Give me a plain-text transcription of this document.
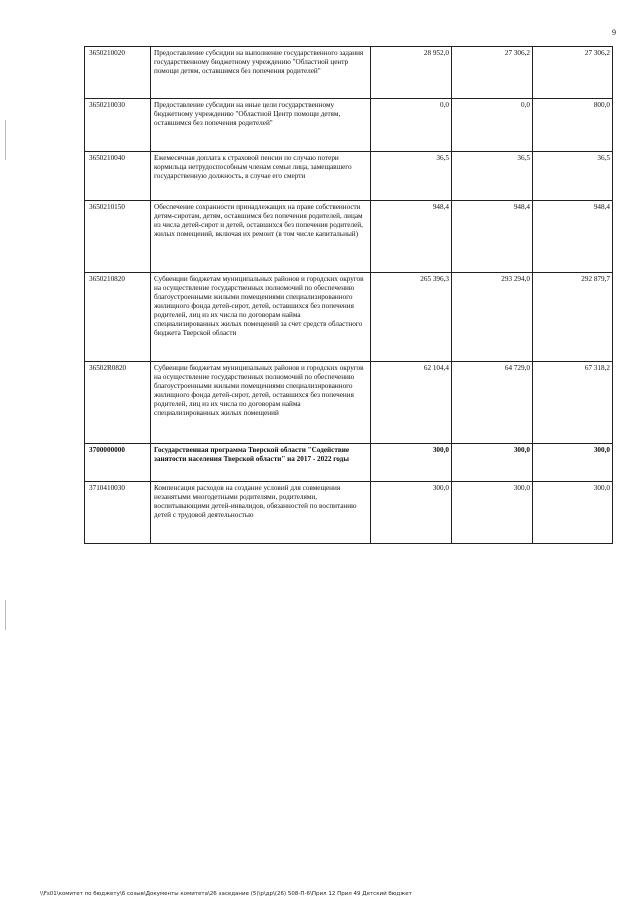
9
3650210020	Предоставление субсидии на выполнение государственного задания государственному бюджетному учреждению "Областной центр помощи детям, оставшимся без попечения родителей"	28 952,0	27 306,2	27 306,2
3650210030	Предоставление субсидии на иные цели государственному бюджетному учреждению "Областной Центр помощи детям, оставшимся без попечения родителей"	0,0	0,0	800,0
3650210040	Ежемесячная доплата к страховой пенсии по случаю потери кормильца нетрудоспособным членам семьи лица, замещавшего государственную должность, в случае его смерти	36,5	36,5	36,5
3650210150	Обеспечение сохранности принадлежащих на праве собственности детям-сиротам, детям, оставшимся без попечения родителей, лицам из числа детей-сирот и детей, оставшихся без попечения родителей, жилых помещений, включая их ремонт (в том числе капитальный)	948,4	948,4	948,4
3650210820	Субвенции бюджетам муниципальных районов и городских округов на осуществление государственных полномочий по обеспечению благоустроенными жилыми помещениями специализированного жилищного фонда детей-сирот, детей, оставшихся без попечения родителей, лиц из их числа по договорам найма специализированных жилых помещений за счет средств областного бюджета Тверской области	265 396,3	293 294,0	292 879,7
36502R0820	Субвенции бюджетам муниципальных районов и городских округов на осуществление государственных полномочий по обеспечению благоустроенными жилыми помещениями специализированного жилищного фонда детей-сирот, детей, оставшихся без попечения родителей, лиц из их числа по договорам найма специализированных жилых помещений	62 104,4	64 729,0	67 318,2
3700000000	Государственная программа Тверской области "Содействие занятости населения Тверской области" на 2017 - 2022 годы	300,0	300,0	300,0
3710410030	Компенсация расходов на создание условий для совмещения незанятыми многодетными родителями, родителями, воспитывающими детей-инвалидов, обязанностей по воспитанию детей с трудовой деятельностью	300,0	300,0	300,0
\\Fs01\комитет по бюджету\6 созыв\Документы комитета\26 заседание (5)\р\др\(26) 508-П-6\Прил 12 Прил 49 Детский бюджет
